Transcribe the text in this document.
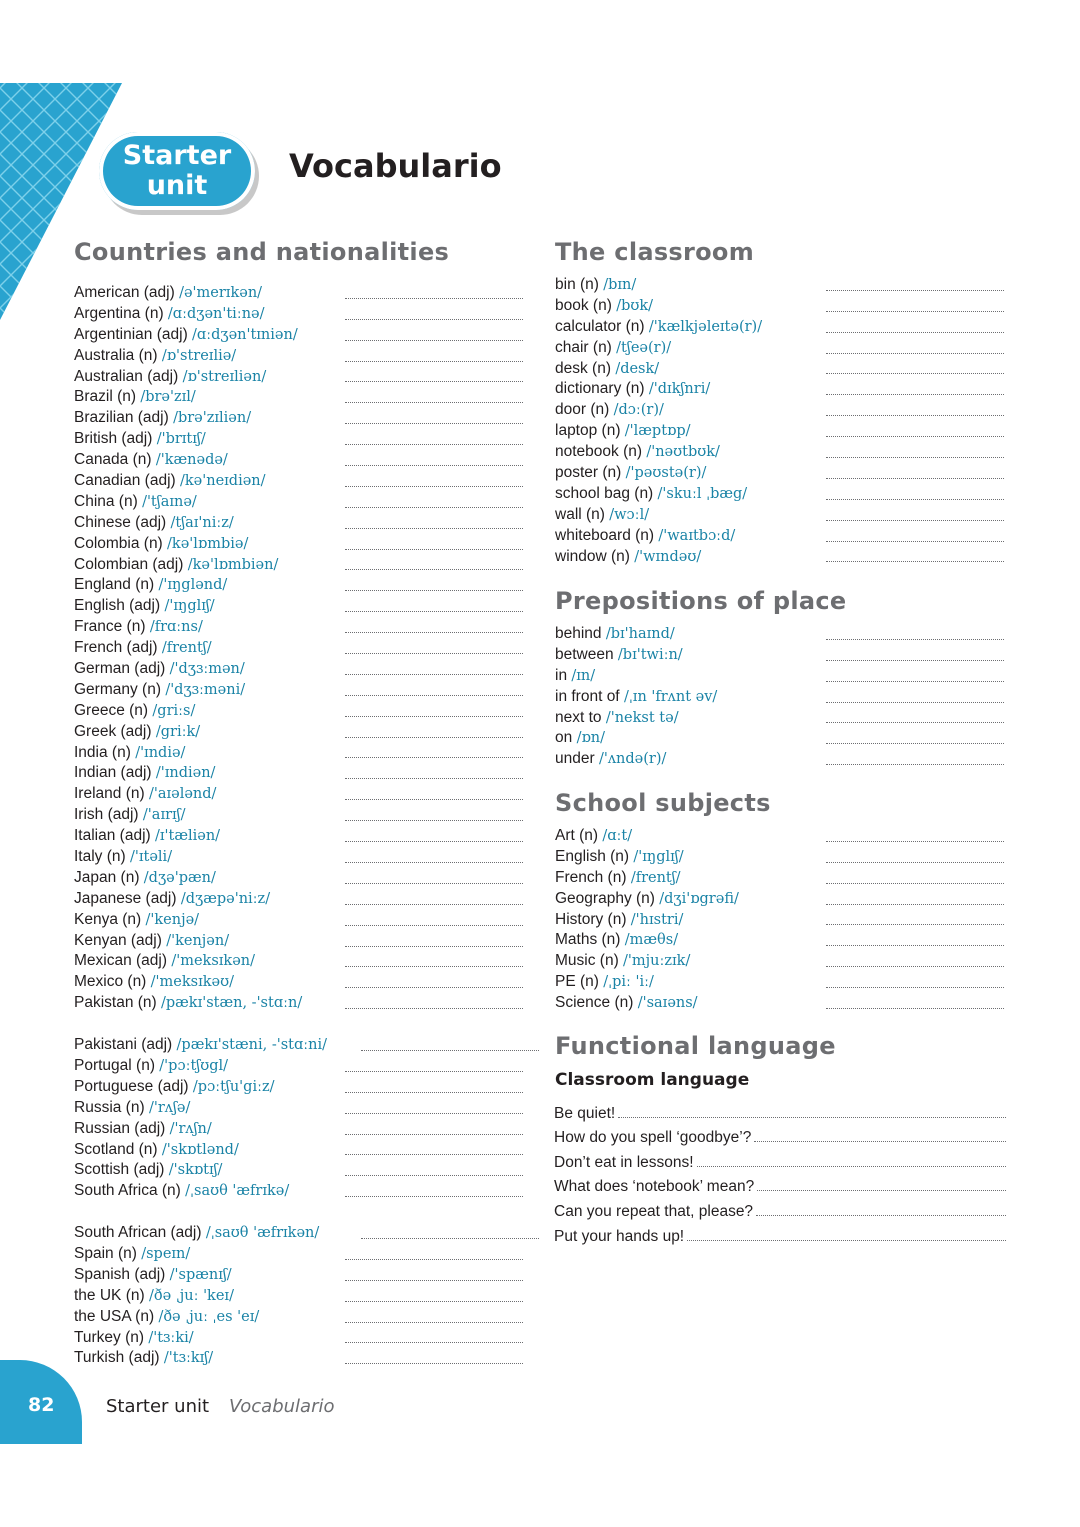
Starter
unit
Vocabulario
Countries and nationalities
American (adj) /ə'merɪkən/
Argentina (n) /ɑːdʒən'tiːnə/
Argentinian (adj) /ɑːdʒən'tɪniən/
Australia (n) /ɒ'streɪliə/
Australian (adj) /ɒ'streɪliən/
Brazil (n) /brə'zɪl/
Brazilian (adj) /brə'zɪliən/
British (adj) /'brɪtɪʃ/
Canada (n) /'kænədə/
Canadian (adj) /kə'neɪdiən/
China (n) /'tʃaɪnə/
Chinese (adj) /tʃaɪ'niːz/
Colombia (n) /kə'lɒmbiə/
Colombian (adj) /kə'lɒmbiən/
England (n) /'ɪŋglənd/
English (adj) /'ɪŋglɪʃ/
France (n) /frɑːns/
French (adj) /frentʃ/
German (adj) /'dʒɜːmən/
Germany (n) /'dʒɜːməni/
Greece (n) /griːs/
Greek (adj) /griːk/
India (n) /'ɪndiə/
Indian (adj) /'ɪndiən/
Ireland (n) /'aɪələnd/
Irish (adj) /'aɪrɪʃ/
Italian (adj) /ɪ'tæliən/
Italy (n) /'ɪtəli/
Japan (n) /dʒə'pæn/
Japanese (adj) /dʒæpə'niːz/
Kenya (n) /'kenjə/
Kenyan (adj) /'kenjən/
Mexican (adj) /'meksɪkən/
Mexico (n) /'meksɪkəʊ/
Pakistan (n) /pækɪ'stæn, -'stɑːn/
Pakistani (adj) /pækɪ'stæni, -'stɑːni/
Portugal (n) /'pɔːtʃʊgl/
Portuguese (adj) /pɔːtʃu'giːz/
Russia (n) /'rʌʃə/
Russian (adj) /'rʌʃn/
Scotland (n) /'skɒtlənd/
Scottish (adj) /'skɒtɪʃ/
South Africa (n) /ˌsaʊθ 'æfrɪkə/
South African (adj) /ˌsaʊθ 'æfrɪkən/
Spain (n) /speɪn/
Spanish (adj) /'spænɪʃ/
the UK (n) /ðə ˌjuː 'keɪ/
the USA (n) /ðə ˌjuː ˌes 'eɪ/
Turkey (n) /'tɜːki/
Turkish (adj) /'tɜːkɪʃ/
The classroom
bin (n) /bɪn/
book (n) /bʊk/
calculator (n) /'kælkjəleɪtə(r)/
chair (n) /tʃeə(r)/
desk (n) /desk/
dictionary (n) /'dɪkʃnri/
door (n) /dɔː(r)/
laptop (n) /'læptɒp/
notebook (n) /'nəʊtbʊk/
poster (n) /'pəʊstə(r)/
school bag (n) /'skuːl ˌbæg/
wall (n) /wɔːl/
whiteboard (n) /'waɪtbɔːd/
window (n) /'wɪndəʊ/
Prepositions of place
behind /bɪ'haɪnd/
between /bɪ'twiːn/
in /ɪn/
in front of /ˌɪn 'frʌnt əv/
next to /'nekst tə/
on /ɒn/
under /'ʌndə(r)/
School subjects
Art (n) /ɑːt/
English (n) /'ɪŋglɪʃ/
French (n) /frentʃ/
Geography (n) /dʒi'ɒgrəfi/
History (n) /'hɪstri/
Maths (n) /mæθs/
Music (n) /'mjuːzɪk/
PE (n) /ˌpiː 'iː/
Science (n) /'saɪəns/
Functional language
Classroom language
Be quiet!
How do you spell ‘goodbye’?
Don’t eat in lessons!
What does ‘notebook’ mean?
Can you repeat that, please?
Put your hands up!
82	Starter unit Vocabulario
